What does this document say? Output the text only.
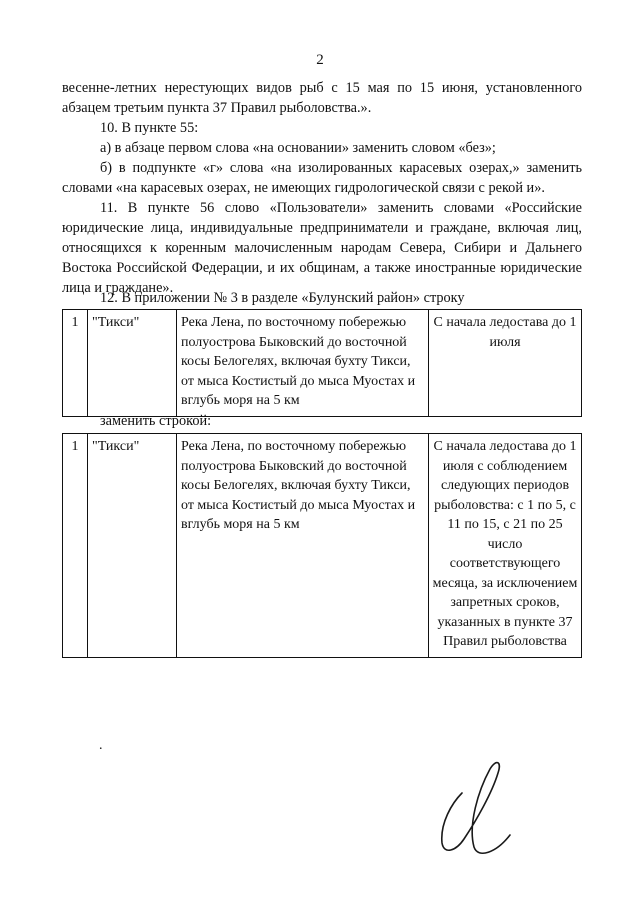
2

весенне-летних нерестующих видов рыб с 15 мая по 15 июня, установленного абзацем третьим пункта 37 Правил рыболовства.».

10. В пункте 55:

а) в абзаце первом слова «на основании» заменить словом «без»;

б) в подпункте «г» слова «на изолированных карасевых озерах,» заменить словами «на карасевых озерах, не имеющих гидрологической связи с рекой и».

11. В пункте 56 слово «Пользователи» заменить словами «Российские юридические лица, индивидуальные предприниматели и граждане, включая лиц, относящихся к коренным малочисленным народам Севера, Сибири и Дальнего Востока Российской Федерации, и их общинам, а также иностранные юридические лица и граждане».

12. В приложении № 3 в разделе «Булунский район» строку

1	"Тикси"	Река Лена, по восточному побережью полуострова Быковский до восточной косы Белогелях, включая бухту Тикси, от мыса Костистый до мыса Муостах и вглубь моря на 5 км	С начала ледостава до 1 июля

заменить строкой:

1	"Тикси"	Река Лена, по восточному побережью полуострова Быковский до восточной косы Белогелях, включая бухту Тикси, от мыса Костистый до мыса Муостах и вглубь моря на 5 км	С начала ледостава до 1 июля с соблюдением следующих периодов рыболовства: с 1 по 5, с 11 по 15, с 21 по 25 число соответствующего месяца, за исключением запретных сроков, указанных в пункте 37 Правил рыболовства
.
